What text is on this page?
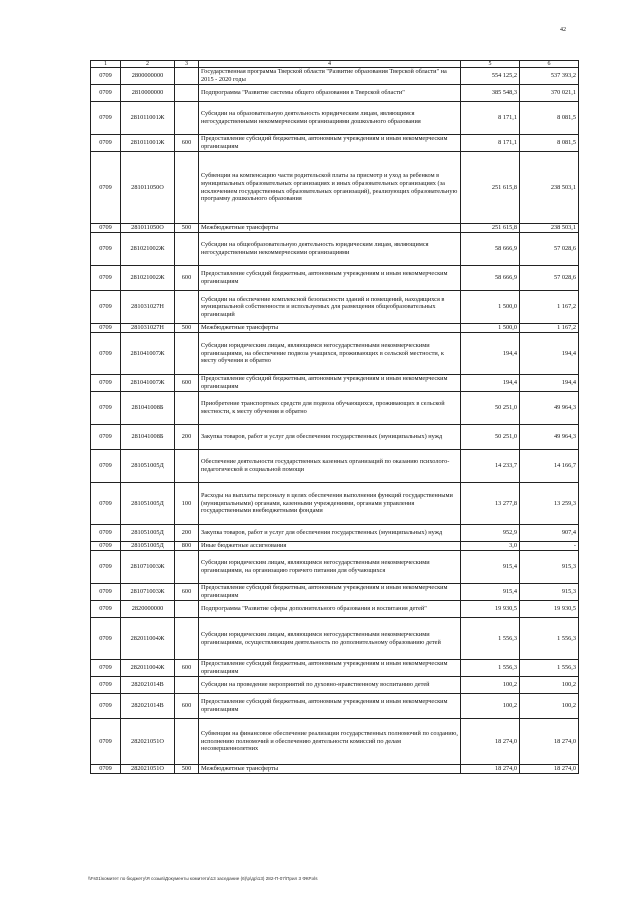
42
1	2	3	4	5	6
0709	2800000000		Государственная программа Тверской области "Развитие образования Тверской области" на 2015 - 2020 годы	554 125,2	537 393,2
0709	2810000000		Подпрограмма "Развитие системы общего образования в Тверской области"	385 548,3	370 021,1
0709	281011001Ж		Субсидии на образовательную деятельность юридическим лицам, являющимся негосударственными некоммерческими организациями дошкольного образования	8 171,1	8 081,5
0709	281011001Ж	600	Предоставление субсидий бюджетным, автономным учреждениям и иным некоммерческим организациям	8 171,1	8 081,5
0709	281011050О		Субвенции на компенсацию части родительской платы за присмотр и уход за ребенком в муниципальных образовательных организациях и иных образовательных организациях (за исключением государственных образовательных организаций), реализующих образовательную программу дошкольного образования	251 615,8	238 503,1
0709	281011050О	500	Межбюджетные трансферты	251 615,8	238 503,1
0709	281021002Ж		Субсидии на общеобразовательную деятельность юридическим лицам, являющимся негосударственными некоммерческими организациями	58 666,9	57 028,6
0709	281021002Ж	600	Предоставление субсидий бюджетным, автономным учреждениям и иным некоммерческим организациям	58 666,9	57 028,6
0709	281031027Н		Субсидии на обеспечение комплексной безопасности зданий и помещений, находящихся в муниципальной собственности и используемых для размещения общеобразовательных организаций	1 500,0	1 167,2
0709	281031027Н	500	Межбюджетные трансферты	1 500,0	1 167,2
0709	281041007Ж		Субсидии юридическим лицам, являющимся негосударственными некоммерческими организациями, на обеспечение подвоза учащихся, проживающих в сельской местности, к месту обучения и обратно	194,4	194,4
0709	281041007Ж	600	Предоставление субсидий бюджетным, автономным учреждениям и иным некоммерческим организациям	194,4	194,4
0709	281041008Б		Приобретение транспортных средств для подвоза обучающихся, проживающих в сельской местности, к месту обучения и обратно	50 251,0	49 964,3
0709	281041008Б	200	Закупка товаров, работ и услуг для обеспечения государственных (муниципальных) нужд	50 251,0	49 964,3
0709	281051005Д		Обеспечение деятельности государственных казенных организаций по оказанию психолого-педагогической и социальной помощи	14 233,7	14 166,7
0709	281051005Д	100	Расходы на выплаты персоналу в целях обеспечения выполнения функций государственными (муниципальными) органами, казенными учреждениями, органами управления государственными внебюджетными фондами	13 277,8	13 259,3
0709	281051005Д	200	Закупка товаров, работ и услуг для обеспечения государственных (муниципальных) нужд	952,9	907,4
0709	281051005Д	800	Иные бюджетные ассигнования	3,0	-
0709	281071003Ж		Субсидии юридическим лицам, являющимся негосударственными некоммерческими организациями, на организацию горячего питания для обучающихся	915,4	915,3
0709	281071003Ж	600	Предоставление субсидий бюджетным, автономным учреждениям и иным некоммерческим организациям	915,4	915,3
0709	2820000000		Подпрограмма "Развитие сферы дополнительного образования и воспитания детей"	19 930,5	19 930,5
0709	282011004Ж		Субсидии юридическим лицам, являющимся негосударственными некоммерческими организациями, осуществляющим деятельность по дополнительному образованию детей	1 556,3	1 556,3
0709	282011004Ж	600	Предоставление субсидий бюджетным, автономным учреждениям и иным некоммерческим организациям	1 556,3	1 556,3
0709	282021014В		Субсидии на проведение мероприятий по духовно-нравственному воспитанию детей	100,2	100,2
0709	282021014В	600	Предоставление субсидий бюджетным, автономным учреждениям и иным некоммерческим организациям	100,2	100,2
0709	282021051О		Субвенции на финансовое обеспечение реализации государственных полномочий по созданию, исполнению полномочий и обеспечению деятельности комиссий по делам несовершеннолетних	18 274,0	18 274,0
0709	282021051О	500	Межбюджетные трансферты	18 274,0	18 274,0
\\Fs01\комитет по бюджету\Я созыв\Документы комитета\13 заседание (6)\р\др\13) 282-П-07\Прил 3 ФКР.xls
